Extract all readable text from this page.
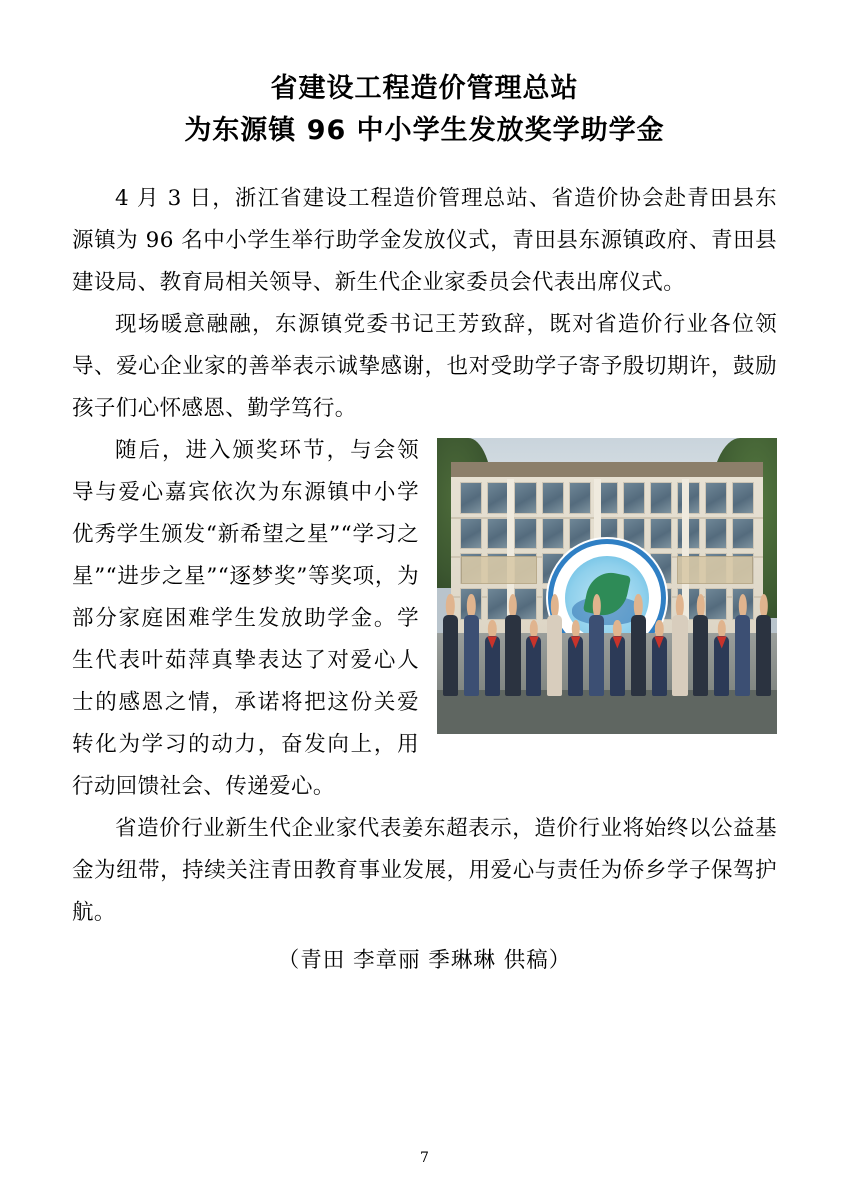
省建设工程造价管理总站
为东源镇 96 中小学生发放奖学助学金

4 月 3 日，浙江省建设工程造价管理总站、省造价协会赴青田县东源镇为 96 名中小学生举行助学金发放仪式，青田县东源镇政府、青田县建设局、教育局相关领导、新生代企业家委员会代表出席仪式。

现场暖意融融，东源镇党委书记王芳致辞，既对省造价行业各位领导、爱心企业家的善举表示诚挚感谢，也对受助学子寄予殷切期许，鼓励孩子们心怀感恩、勤学笃行。

随后，进入颁奖环节，与会领导与爱心嘉宾依次为东源镇中小学优秀学生颁发“新希望之星”“学习之星”“进步之星”“逐梦奖”等奖项，为部分家庭困难学生发放助学金。学生代表叶茹萍真挚表达了对爱心人士的感恩之情，承诺将把这份关爱转化为学习的动力，奋发向上，用行动回馈社会、传递爱心。

省造价行业新生代企业家代表姜东超表示，造价行业将始终以公益基金为纽带，持续关注青田教育事业发展，用爱心与责任为侨乡学子保驾护航。

（青田 李章丽 季琳琳 供稿）
7
